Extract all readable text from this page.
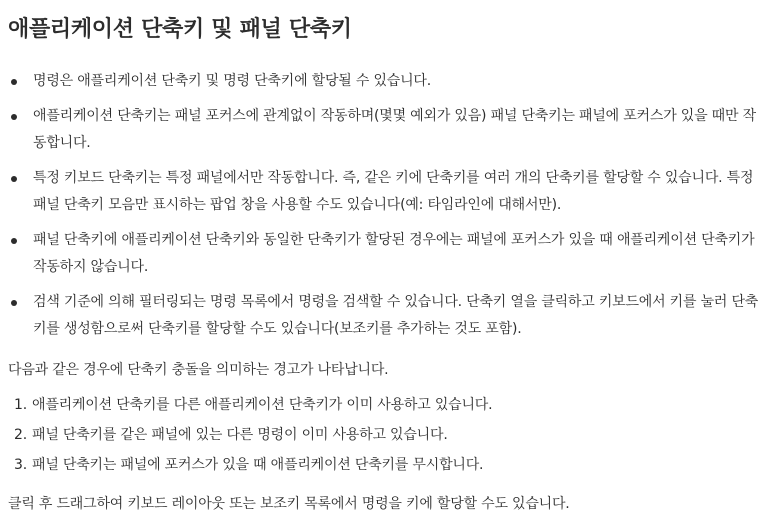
애플리케이션 단축키 및 패널 단축키
명령은 애플리케이션 단축키 및 명령 단축키에 할당될 수 있습니다.
애플리케이션 단축키는 패널 포커스에 관계없이 작동하며(몇몇 예외가 있음) 패널 단축키는 패널에 포커스가 있을 때만 작동합니다.
특정 키보드 단축키는 특정 패널에서만 작동합니다. 즉, 같은 키에 단축키를 여러 개의 단축키를 할당할 수 있습니다. 특정 패널 단축키 모음만 표시하는 팝업 창을 사용할 수도 있습니다(예: 타임라인에 대해서만).
패널 단축키에 애플리케이션 단축키와 동일한 단축키가 할당된 경우에는 패널에 포커스가 있을 때 애플리케이션 단축키가 작동하지 않습니다.
검색 기준에 의해 필터링되는 명령 목록에서 명령을 검색할 수 있습니다. 단축키 열을 클릭하고 키보드에서 키를 눌러 단축키를 생성함으로써 단축키를 할당할 수도 있습니다(보조키를 추가하는 것도 포함).

다음과 같은 경우에 단축키 충돌을 의미하는 경고가 나타납니다.

1. 애플리케이션 단축키를 다른 애플리케이션 단축키가 이미 사용하고 있습니다.
2. 패널 단축키를 같은 패널에 있는 다른 명령이 이미 사용하고 있습니다.
3. 패널 단축키는 패널에 포커스가 있을 때 애플리케이션 단축키를 무시합니다.

클릭 후 드래그하여 키보드 레이아웃 또는 보조키 목록에서 명령을 키에 할당할 수도 있습니다.
